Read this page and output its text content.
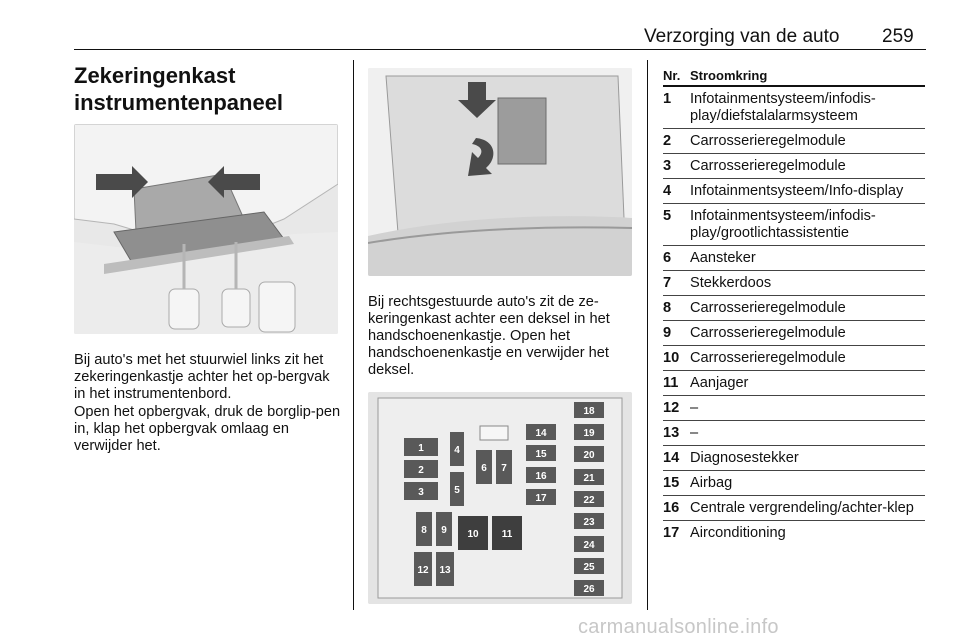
Verzorging van de auto 259
Zekeringenkast instrumentenpaneel
Bij auto's met het stuurwiel links zit het zekeringenkastje achter het op-bergvak in het instrumentenbord.
Open het opbergvak, druk de borglip-pen in, klap het opbergvak omlaag en verwijder het.
Bij rechtsgestuurde auto's zit de ze-keringenkast achter een deksel in het handschoenenkastje. Open het handschoenenkastje en verwijder het deksel.
1
2
3
4
5
6 7
8 9 10 11
12 13
14
15
16
17
18
19
20
21
22
23
24
25
26
Nr. Stroomkring
1	Infotainmentsysteem/infodis-play/diefstalalarmsysteem
2	Carrosserieregelmodule
3	Carrosserieregelmodule
4	Infotainmentsysteem/Info-display
5	Infotainmentsysteem/infodis-play/grootlichtassistentie
6	Aansteker
7	Stekkerdoos
8	Carrosserieregelmodule
9	Carrosserieregelmodule
10 Carrosserieregelmodule
11 Aanjager
12 –
13 –
14 Diagnosestekker
15 Airbag
16 Centrale vergrendeling/achter-klep
17 Airconditioning
carmanualsonline.info
